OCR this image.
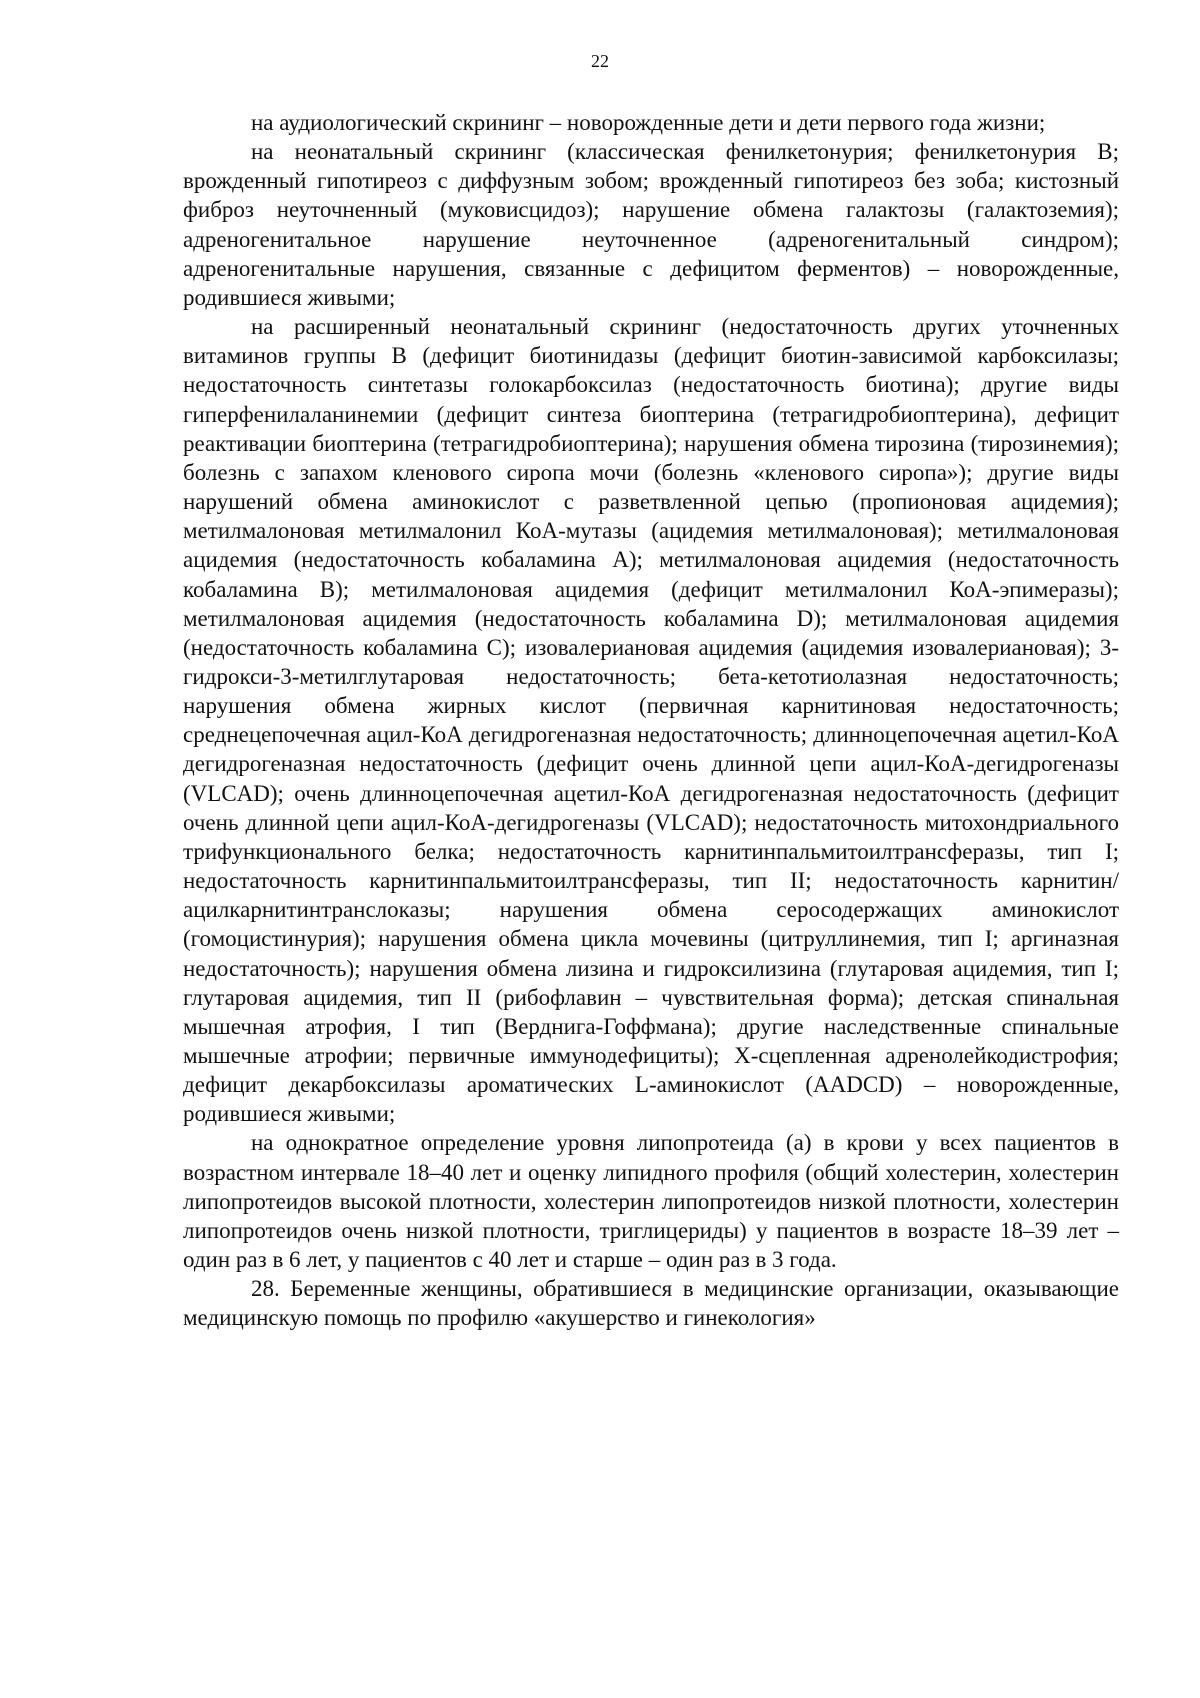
22

на аудиологический скрининг – новорожденные дети и дети первого года жизни;

на неонатальный скрининг (классическая фенилкетонурия; фенилкетонурия B; врожденный гипотиреоз с диффузным зобом; врожденный гипотиреоз без зоба; кистозный фиброз неуточненный (муковисцидоз); нарушение обмена галактозы (галактоземия); адреногенитальное нарушение неуточненное (адреногенитальный синдром); адреногенитальные нарушения, связанные с дефицитом ферментов) – новорожденные, родившиеся живыми;

на расширенный неонатальный скрининг (недостаточность других уточненных витаминов группы B (дефицит биотинидазы (дефицит биотин-зависимой карбоксилазы; недостаточность синтетазы голокарбоксилаз (недостаточность биотина); другие виды гиперфенилаланинемии (дефицит синтеза биоптерина (тетрагидробиоптерина), дефицит реактивации биоптерина (тетрагидробиоптерина); нарушения обмена тирозина (тирозинемия); болезнь с запахом кленового сиропа мочи (болезнь «кленового сиропа»); другие виды нарушений обмена аминокислот с разветвленной цепью (пропионовая ацидемия); метилмалоновая метилмалонил КоА-мутазы (ацидемия метилмалоновая); метилмалоновая ацидемия (недостаточность кобаламина A); метилмалоновая ацидемия (недостаточность кобаламина B); метилмалоновая ацидемия (дефицит метилмалонил КоА-эпимеразы); метилмалоновая ацидемия (недостаточность кобаламина D); метилмалоновая ацидемия (недостаточность кобаламина C); изовалериановая ацидемия (ацидемия изовалериановая); 3-гидрокси-3-метилглутаровая недостаточность; бета-кетотиолазная недостаточность; нарушения обмена жирных кислот (первичная карнитиновая недостаточность; среднецепочечная ацил-КоА дегидрогеназная недостаточность; длинноцепочечная ацетил-КоА дегидрогеназная недостаточность (дефицит очень длинной цепи ацил-КоА-дегидрогеназы (VLCAD); очень длинноцепочечная ацетил-КоА дегидрогеназная недостаточность (дефицит очень длинной цепи ацил-КоА-дегидрогеназы (VLCAD); недостаточность митохондриального трифункционального белка; недостаточность карнитинпальмитоилтрансферазы, тип I; недостаточность карнитинпальмитоилтрансферазы, тип II; недостаточность карнитин/ацилкарнитинтранслоказы; нарушения обмена серосодержащих аминокислот (гомоцистинурия); нарушения обмена цикла мочевины (цитруллинемия, тип I; аргиназная недостаточность); нарушения обмена лизина и гидроксилизина (глутаровая ацидемия, тип I; глутаровая ацидемия, тип II (рибофлавин – чувствительная форма); детская спинальная мышечная атрофия, I тип (Верднига-Гоффмана); другие наследственные спинальные мышечные атрофии; первичные иммунодефициты); X-сцепленная адренолейкодистрофия; дефицит декарбоксилазы ароматических L-аминокислот (AADCD) – новорожденные, родившиеся живыми;

на однократное определение уровня липопротеида (а) в крови у всех пациентов в возрастном интервале 18–40 лет и оценку липидного профиля (общий холестерин, холестерин липопротеидов высокой плотности, холестерин липопротеидов низкой плотности, холестерин липопротеидов очень низкой плотности, триглицериды) у пациентов в возрасте 18–39 лет – один раз в 6 лет, у пациентов с 40 лет и старше – один раз в 3 года.

28. Беременные женщины, обратившиеся в медицинские организации, оказывающие медицинскую помощь по профилю «акушерство и гинекология»
